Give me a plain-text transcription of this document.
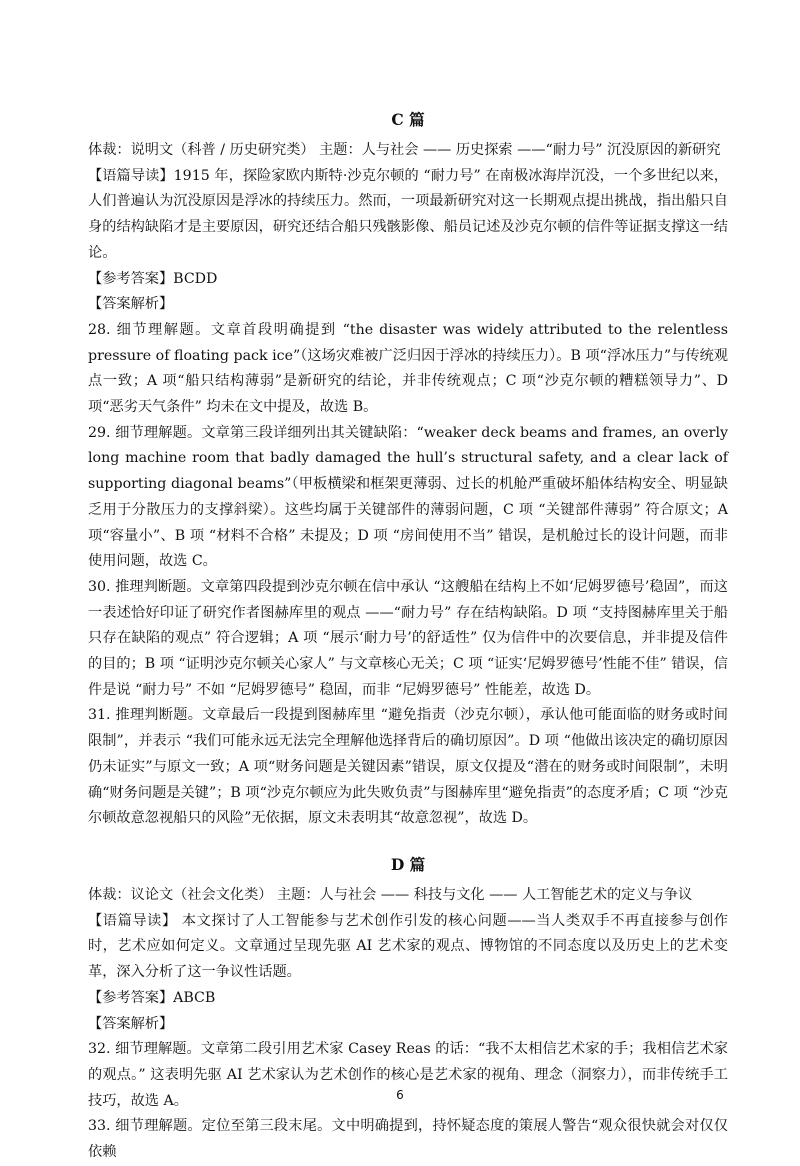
C 篇

体裁：说明文（科普 / 历史研究类） 主题：人与社会 —— 历史探索 ——“耐力号” 沉没原因的新研究

【语篇导读】1915 年，探险家欧内斯特·沙克尔顿的 “耐力号” 在南极冰海岸沉没，一个多世纪以来，人们普遍认为沉没原因是浮冰的持续压力。然而，一项最新研究对这一长期观点提出挑战，指出船只自身的结构缺陷才是主要原因，研究还结合船只残骸影像、船员记述及沙克尔顿的信件等证据支撑这一结论。

【参考答案】BCDD

【答案解析】

28. 细节理解题。文章首段明确提到 “the disaster was widely attributed to the relentless pressure of floating pack ice”（这场灾难被广泛归因于浮冰的持续压力）。B 项“浮冰压力”与传统观点一致；A 项“船只结构薄弱”是新研究的结论，并非传统观点；C 项“沙克尔顿的糟糕领导力”、D 项“恶劣天气条件” 均未在文中提及，故选 B。

29. 细节理解题。文章第三段详细列出其关键缺陷：“weaker deck beams and frames, an overly long machine room that badly damaged the hull’s structural safety, and a clear lack of supporting diagonal beams”（甲板横梁和框架更薄弱、过长的机舱严重破坏船体结构安全、明显缺乏用于分散压力的支撑斜梁）。这些均属于关键部件的薄弱问题，C 项 “关键部件薄弱” 符合原文；A 项“容量小”、B 项 “材料不合格” 未提及；D 项 “房间使用不当” 错误，是机舱过长的设计问题，而非使用问题，故选 C。

30. 推理判断题。文章第四段提到沙克尔顿在信中承认 “这艘船在结构上不如‘尼姆罗德号’稳固”，而这一表述恰好印证了研究作者图赫库里的观点 ——“耐力号” 存在结构缺陷。D 项 “支持图赫库里关于船只存在缺陷的观点” 符合逻辑；A 项 “展示‘耐力号’的舒适性” 仅为信件中的次要信息，并非提及信件的目的；B 项 “证明沙克尔顿关心家人” 与文章核心无关；C 项 “证实‘尼姆罗德号’性能不佳” 错误，信件是说 “耐力号” 不如 “尼姆罗德号” 稳固，而非 “尼姆罗德号” 性能差，故选 D。

31. 推理判断题。文章最后一段提到图赫库里 “避免指责（沙克尔顿），承认他可能面临的财务或时间限制”，并表示 “我们可能永远无法完全理解他选择背后的确切原因”。D 项 “他做出该决定的确切原因仍未证实”与原文一致；A 项“财务问题是关键因素”错误，原文仅提及“潜在的财务或时间限制”，未明确“财务问题是关键”；B 项“沙克尔顿应为此失败负责”与图赫库里“避免指责”的态度矛盾；C 项 “沙克尔顿故意忽视船只的风险”无依据，原文未表明其“故意忽视”，故选 D。

D 篇

体裁：议论文（社会文化类） 主题：人与社会 —— 科技与文化 —— 人工智能艺术的定义与争议

【语篇导读】 本文探讨了人工智能参与艺术创作引发的核心问题——当人类双手不再直接参与创作时，艺术应如何定义。文章通过呈现先驱 AI 艺术家的观点、博物馆的不同态度以及历史上的艺术变革，深入分析了这一争议性话题。

【参考答案】ABCB

【答案解析】

32. 细节理解题。文章第二段引用艺术家 Casey Reas 的话：“我不太相信艺术家的手；我相信艺术家的观点。” 这表明先驱 AI 艺术家认为艺术创作的核心是艺术家的视角、理念（洞察力），而非传统手工技巧，故选 A。

33. 细节理解题。定位至第三段末尾。文中明确提到，持怀疑态度的策展人警告“观众很快就会对仅仅依赖

6
